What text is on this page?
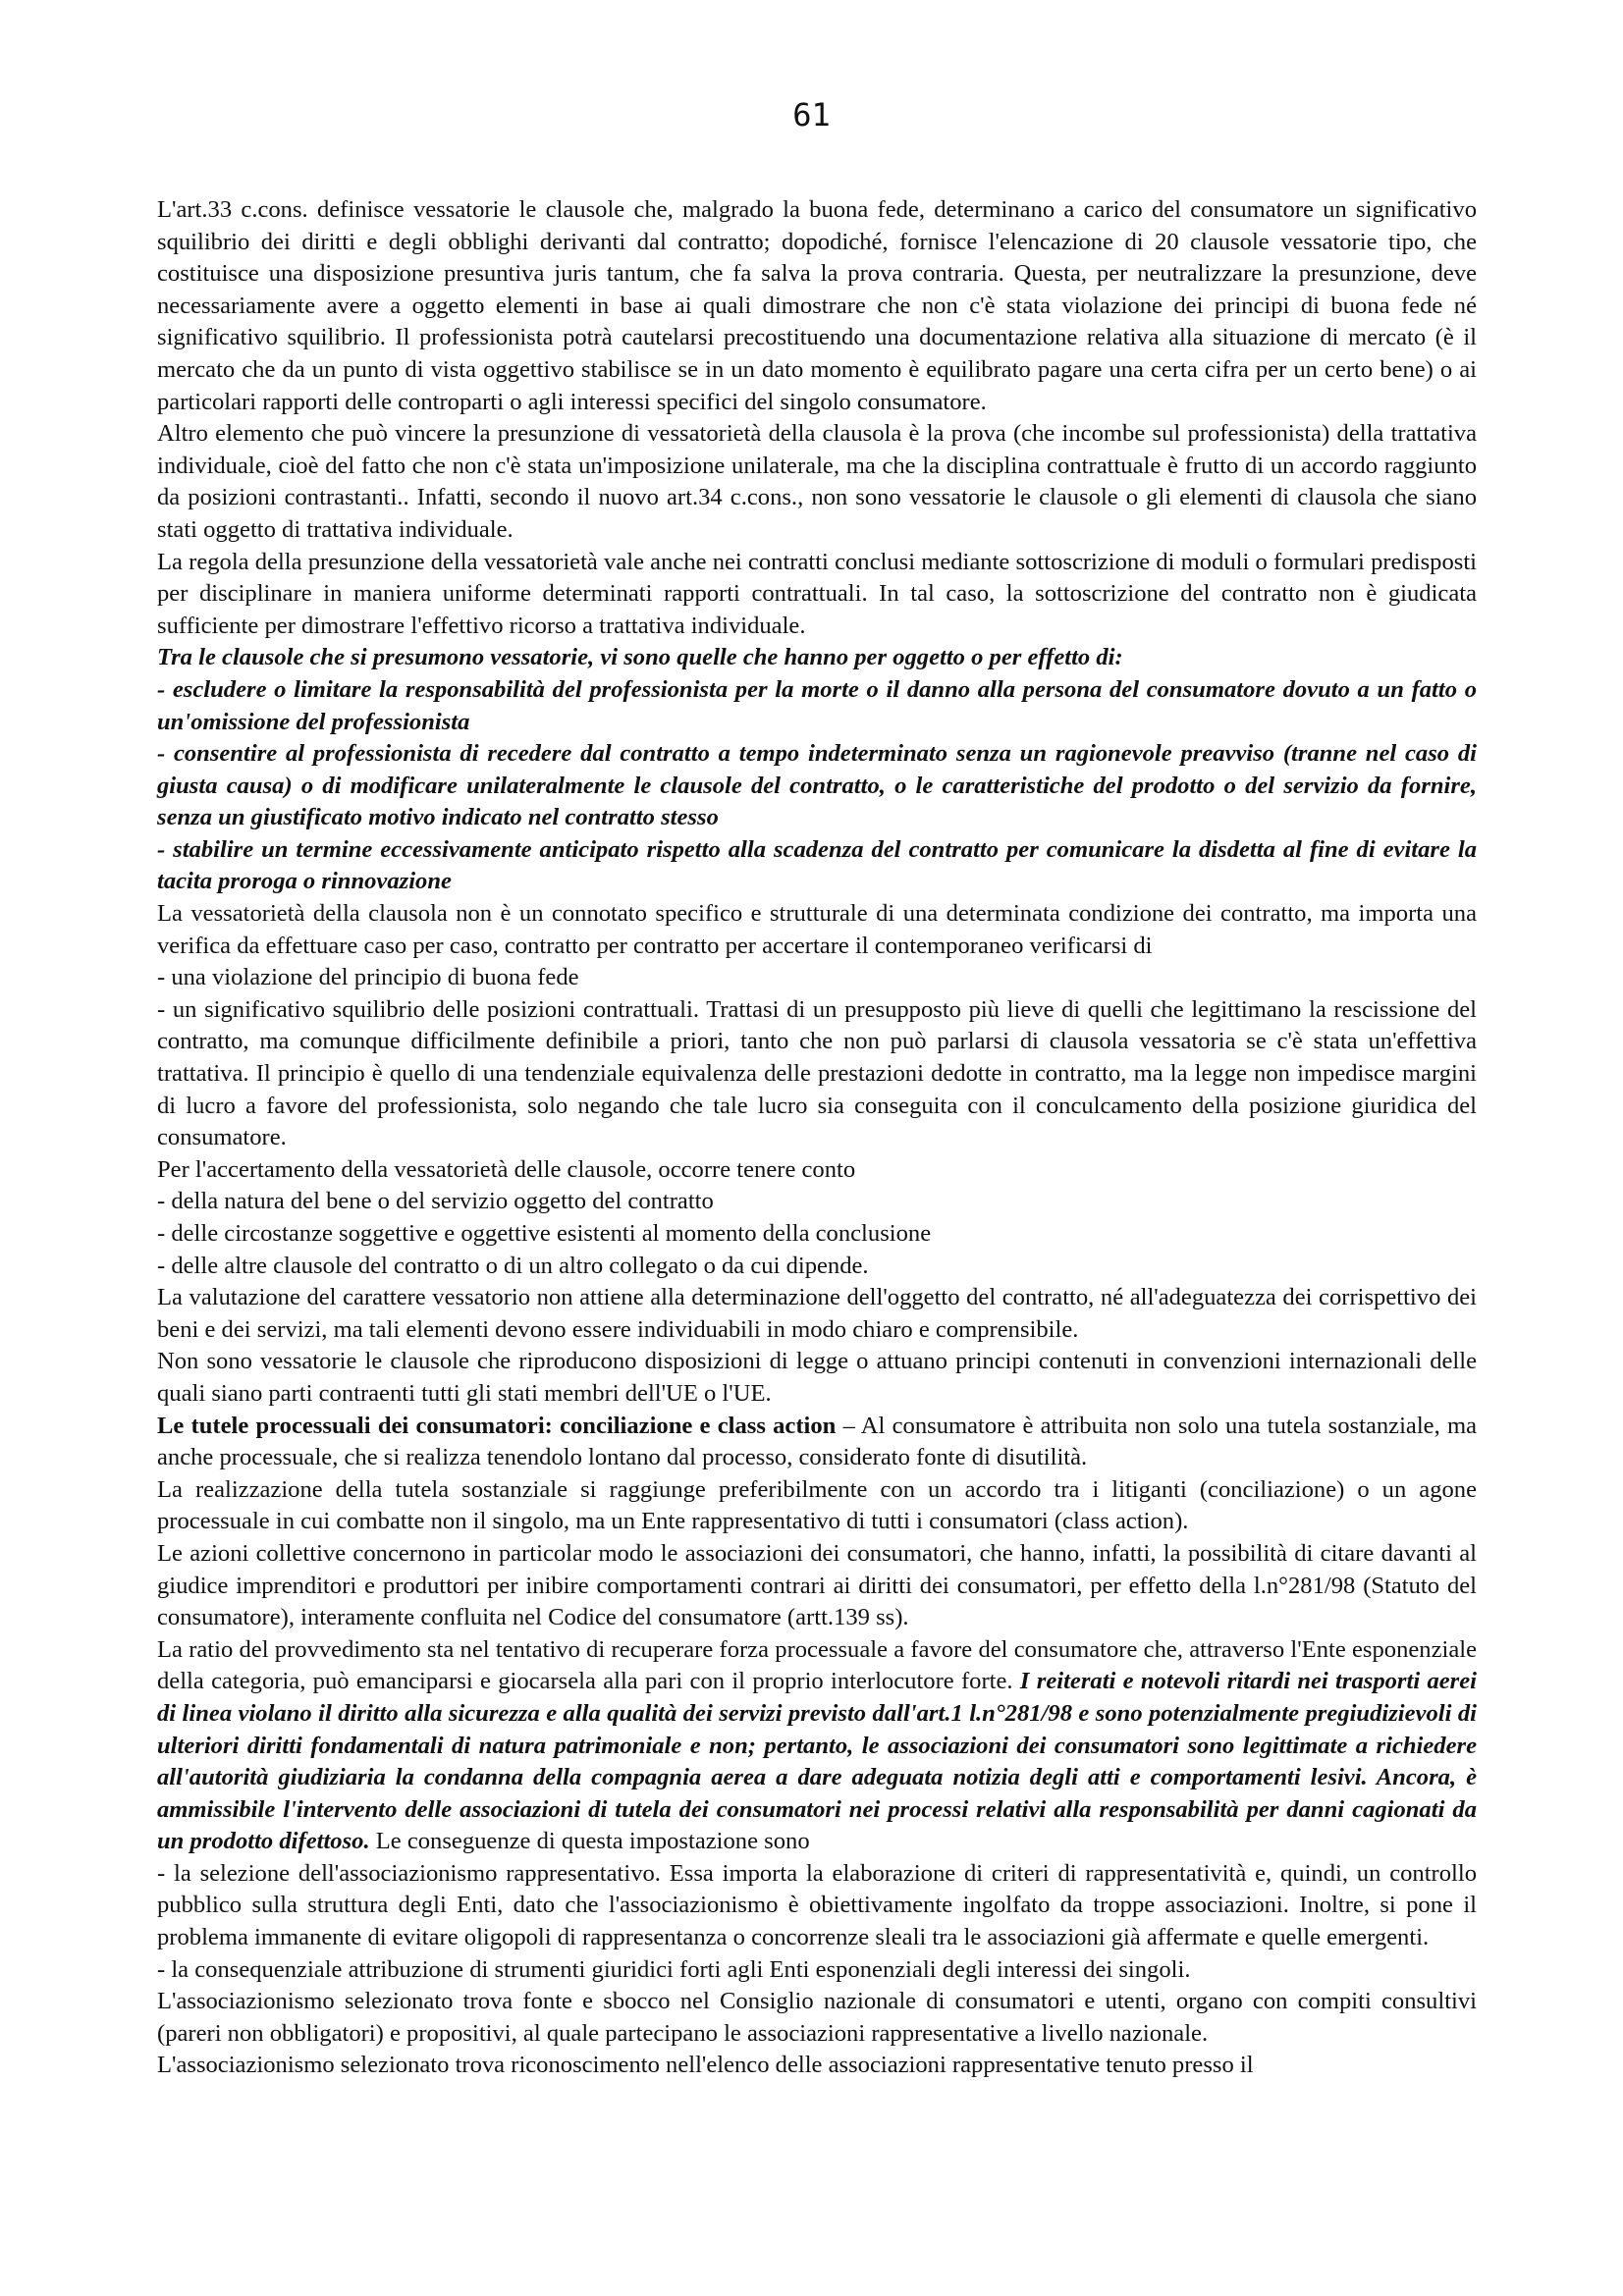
61

L'art.33 c.cons. definisce vessatorie le clausole che, malgrado la buona fede, determinano a carico del consumatore un significativo squilibrio dei diritti e degli obblighi derivanti dal contratto; dopodiché, fornisce l'elencazione di 20 clausole vessatorie tipo, che costituisce una disposizione presuntiva juris tantum, che fa salva la prova contraria. Questa, per neutralizzare la presunzione, deve necessariamente avere a oggetto elementi in base ai quali dimostrare che non c'è stata violazione dei principi di buona fede né significativo squilibrio. Il professionista potrà cautelarsi precostituendo una documentazione relativa alla situazione di mercato (è il mercato che da un punto di vista oggettivo stabilisce se in un dato momento è equilibrato pagare una certa cifra per un certo bene) o ai particolari rapporti delle controparti o agli interessi specifici del singolo consumatore.

Altro elemento che può vincere la presunzione di vessatorietà della clausola è la prova (che incombe sul professionista) della trattativa individuale, cioè del fatto che non c'è stata un'imposizione unilaterale, ma che la disciplina contrattuale è frutto di un accordo raggiunto da posizioni contrastanti.. Infatti, secondo il nuovo art.34 c.cons., non sono vessatorie le clausole o gli elementi di clausola che siano stati oggetto di trattativa individuale.

La regola della presunzione della vessatorietà vale anche nei contratti conclusi mediante sottoscrizione di moduli o formulari predisposti per disciplinare in maniera uniforme determinati rapporti contrattuali. In tal caso, la sottoscrizione del contratto non è giudicata sufficiente per dimostrare l'effettivo ricorso a trattativa individuale.

Tra le clausole che si presumono vessatorie, vi sono quelle che hanno per oggetto o per effetto di:

- escludere o limitare la responsabilità del professionista per la morte o il danno alla persona del consumatore dovuto a un fatto o un'omissione del professionista

- consentire al professionista di recedere dal contratto a tempo indeterminato senza un ragionevole preavviso (tranne nel caso di giusta causa) o di modificare unilateralmente le clausole del contratto, o le caratteristiche del prodotto o del servizio da fornire, senza un giustificato motivo indicato nel contratto stesso

- stabilire un termine eccessivamente anticipato rispetto alla scadenza del contratto per comunicare la disdetta al fine di evitare la tacita proroga o rinnovazione

La vessatorietà della clausola non è un connotato specifico e strutturale di una determinata condizione dei contratto, ma importa una verifica da effettuare caso per caso, contratto per contratto per accertare il contemporaneo verificarsi di

- una violazione del principio di buona fede

- un significativo squilibrio delle posizioni contrattuali. Trattasi di un presupposto più lieve di quelli che legittimano la rescissione del contratto, ma comunque difficilmente definibile a priori, tanto che non può parlarsi di clausola vessatoria se c'è stata un'effettiva trattativa. Il principio è quello di una tendenziale equivalenza delle prestazioni dedotte in contratto, ma la legge non impedisce margini di lucro a favore del professionista, solo negando che tale lucro sia conseguita con il conculcamento della posizione giuridica del consumatore.

Per l'accertamento della vessatorietà delle clausole, occorre tenere conto

- della natura del bene o del servizio oggetto del contratto

- delle circostanze soggettive e oggettive esistenti al momento della conclusione

- delle altre clausole del contratto o di un altro collegato o da cui dipende.

La valutazione del carattere vessatorio non attiene alla determinazione dell'oggetto del contratto, né all'adeguatezza dei corrispettivo dei beni e dei servizi, ma tali elementi devono essere individuabili in modo chiaro e comprensibile.

Non sono vessatorie le clausole che riproducono disposizioni di legge o attuano principi contenuti in convenzioni internazionali delle quali siano parti contraenti tutti gli stati membri dell'UE o l'UE.

Le tutele processuali dei consumatori: conciliazione e class action – Al consumatore è attribuita non solo una tutela sostanziale, ma anche processuale, che si realizza tenendolo lontano dal processo, considerato fonte di disutilità.

La realizzazione della tutela sostanziale si raggiunge preferibilmente con un accordo tra i litiganti (conciliazione) o un agone processuale in cui combatte non il singolo, ma un Ente rappresentativo di tutti i consumatori (class action).

Le azioni collettive concernono in particolar modo le associazioni dei consumatori, che hanno, infatti, la possibilità di citare davanti al giudice imprenditori e produttori per inibire comportamenti contrari ai diritti dei consumatori, per effetto della l.n°281/98 (Statuto del consumatore), interamente confluita nel Codice del consumatore (artt.139 ss).

La ratio del provvedimento sta nel tentativo di recuperare forza processuale a favore del consumatore che, attraverso l'Ente esponenziale della categoria, può emanciparsi e giocarsela alla pari con il proprio interlocutore forte. I reiterati e notevoli ritardi nei trasporti aerei di linea violano il diritto alla sicurezza e alla qualità dei servizi previsto dall'art.1 l.n°281/98 e sono potenzialmente pregiudizievoli di ulteriori diritti fondamentali di natura patrimoniale e non; pertanto, le associazioni dei consumatori sono legittimate a richiedere all'autorità giudiziaria la condanna della compagnia aerea a dare adeguata notizia degli atti e comportamenti lesivi. Ancora, è ammissibile l'intervento delle associazioni di tutela dei consumatori nei processi relativi alla responsabilità per danni cagionati da un prodotto difettoso. Le conseguenze di questa impostazione sono

- la selezione dell'associazionismo rappresentativo. Essa importa la elaborazione di criteri di rappresentatività e, quindi, un controllo pubblico sulla struttura degli Enti, dato che l'associazionismo è obiettivamente ingolfato da troppe associazioni. Inoltre, si pone il problema immanente di evitare oligopoli di rappresentanza o concorrenze sleali tra le associazioni già affermate e quelle emergenti.

- la consequenziale attribuzione di strumenti giuridici forti agli Enti esponenziali degli interessi dei singoli.

L'associazionismo selezionato trova fonte e sbocco nel Consiglio nazionale di consumatori e utenti, organo con compiti consultivi (pareri non obbligatori) e propositivi, al quale partecipano le associazioni rappresentative a livello nazionale.

L'associazionismo selezionato trova riconoscimento nell'elenco delle associazioni rappresentative tenuto presso il
